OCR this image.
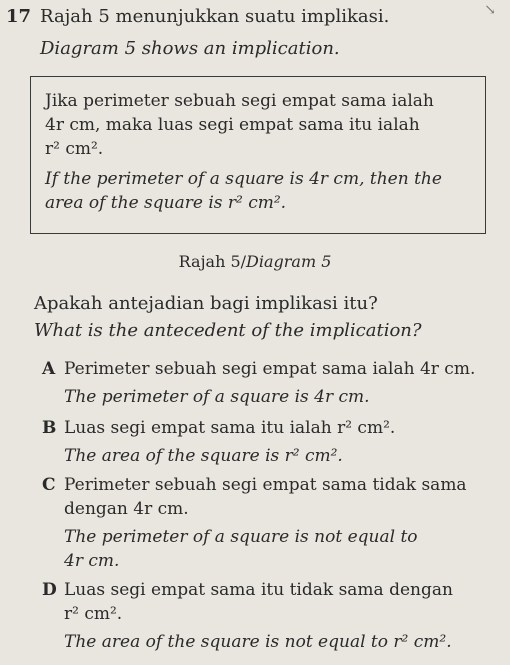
↘
17 Rajah 5 menunjukkan suatu implikasi.
Diagram 5 shows an implication.
Jika perimeter sebuah segi empat sama ialah
4r cm, maka luas segi empat sama itu ialah
r² cm².
If the perimeter of a square is 4r cm, then the
area of the square is r² cm².
Rajah 5/Diagram 5
Apakah antejadian bagi implikasi itu?
What is the antecedent of the implication?
A Perimeter sebuah segi empat sama ialah 4r cm.
The perimeter of a square is 4r cm.
B Luas segi empat sama itu ialah r² cm².
The area of the square is r² cm².
C Perimeter sebuah segi empat sama tidak sama
dengan 4r cm.
The perimeter of a square is not equal to
4r cm.
D Luas segi empat sama itu tidak sama dengan
r² cm².
The area of the square is not equal to r² cm².
